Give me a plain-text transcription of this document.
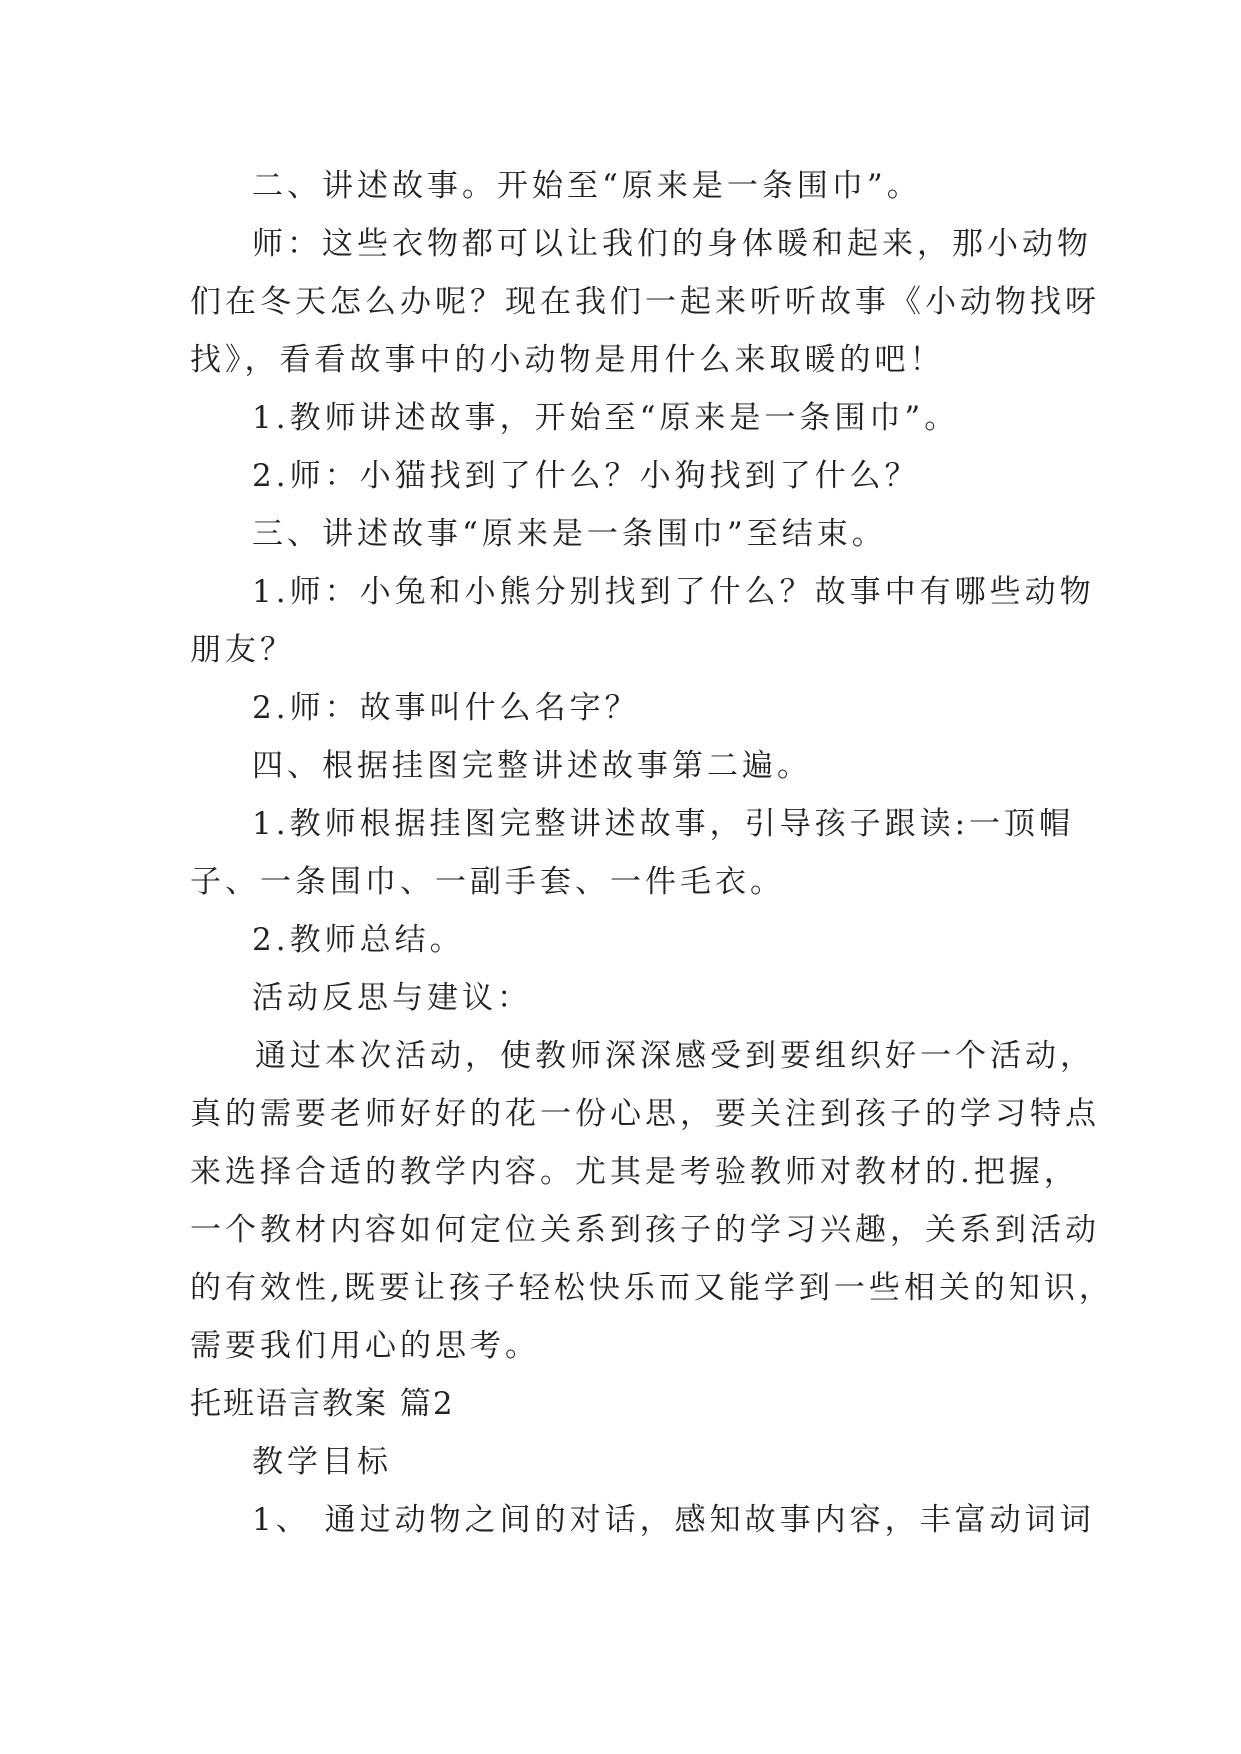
二、讲述故事。开始至“原来是一条围巾”。
师：这些衣物都可以让我们的身体暖和起来，那小动物
们在冬天怎么办呢？现在我们一起来听听故事《小动物找呀
找》，看看故事中的小动物是用什么来取暖的吧！
1.教师讲述故事，开始至“原来是一条围巾”。
2.师：小猫找到了什么？小狗找到了什么？
三、讲述故事“原来是一条围巾”至结束。
1.师：小兔和小熊分别找到了什么？故事中有哪些动物
朋友？
2.师：故事叫什么名字？
四、根据挂图完整讲述故事第二遍。
1.教师根据挂图完整讲述故事，引导孩子跟读:一顶帽
子、一条围巾、一副手套、一件毛衣。
2.教师总结。
活动反思与建议：
通过本次活动，使教师深深感受到要组织好一个活动，
真的需要老师好好的花一份心思，要关注到孩子的学习特点
来选择合适的教学内容。尤其是考验教师对教材的.把握，
一个教材内容如何定位关系到孩子的学习兴趣，关系到活动
的有效性,既要让孩子轻松快乐而又能学到一些相关的知识，
需要我们用心的思考。
托班语言教案 篇2
教学目标
1、 通过动物之间的对话，感知故事内容，丰富动词词
